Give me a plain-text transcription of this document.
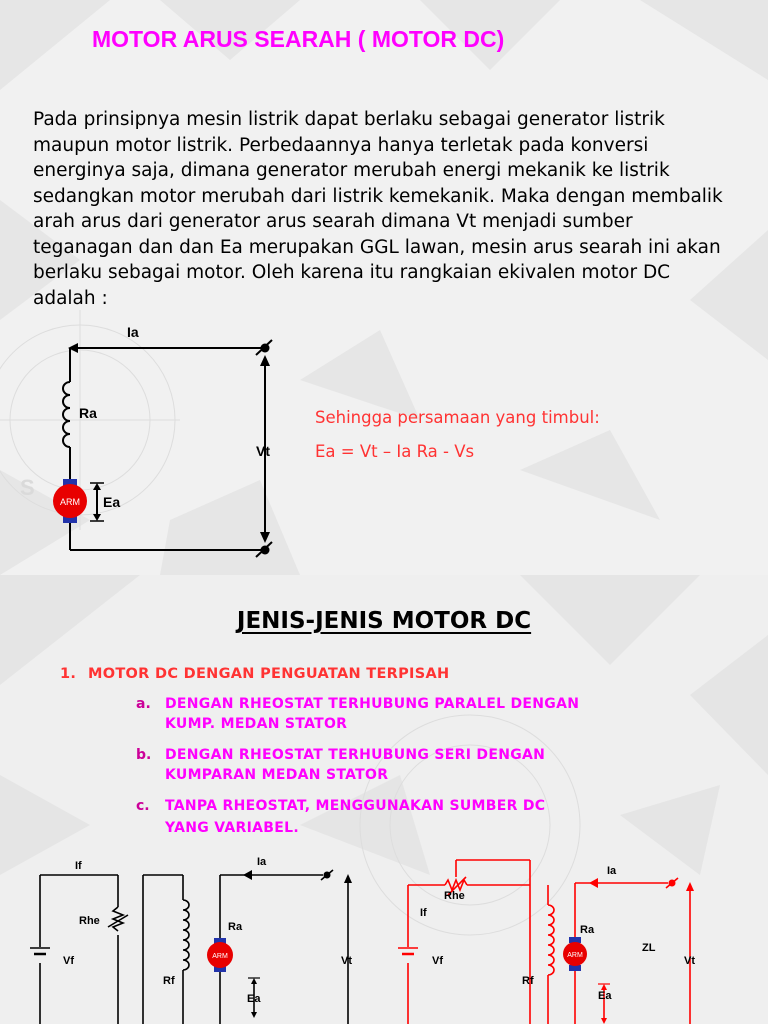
S
MOTOR ARUS SEARAH ( MOTOR DC)
Pada prinsipnya mesin listrik dapat berlaku sebagai generator listrik
maupun motor listrik. Perbedaannya hanya terletak pada konversi
energinya saja, dimana generator merubah energi mekanik ke listrik
sedangkan motor merubah dari listrik kemekanik. Maka dengan membalik
arah arus dari generator arus searah dimana Vt menjadi sumber
teganagan dan dan Ea merupakan GGL lawan, mesin arus searah ini akan
berlaku sebagai motor. Oleh karena itu rangkaian ekivalen motor DC
adalah :
ARM
Ia
Ra
Vt
Ea
Sehingga persamaan yang timbul:
Ea = Vt – Ia Ra - Vs
JENIS-JENIS MOTOR DC
1. MOTOR DC DENGAN PENGUATAN TERPISAH
a. DENGAN RHEOSTAT TERHUBUNG PARALEL DENGAN
KUMP. MEDAN STATOR
b. DENGAN RHEOSTAT TERHUBUNG SERI DENGAN
KUMPARAN MEDAN STATOR
c. TANPA RHEOSTAT, MENGGUNAKAN SUMBER DC
YANG VARIABEL.
ARM
If	Ia
Rhe	Ra
Vf	Vt
Rf
Ea
ARM
Ia
Rhe
If
Ra
Vf
ZL
Vt
Rf
Ea
